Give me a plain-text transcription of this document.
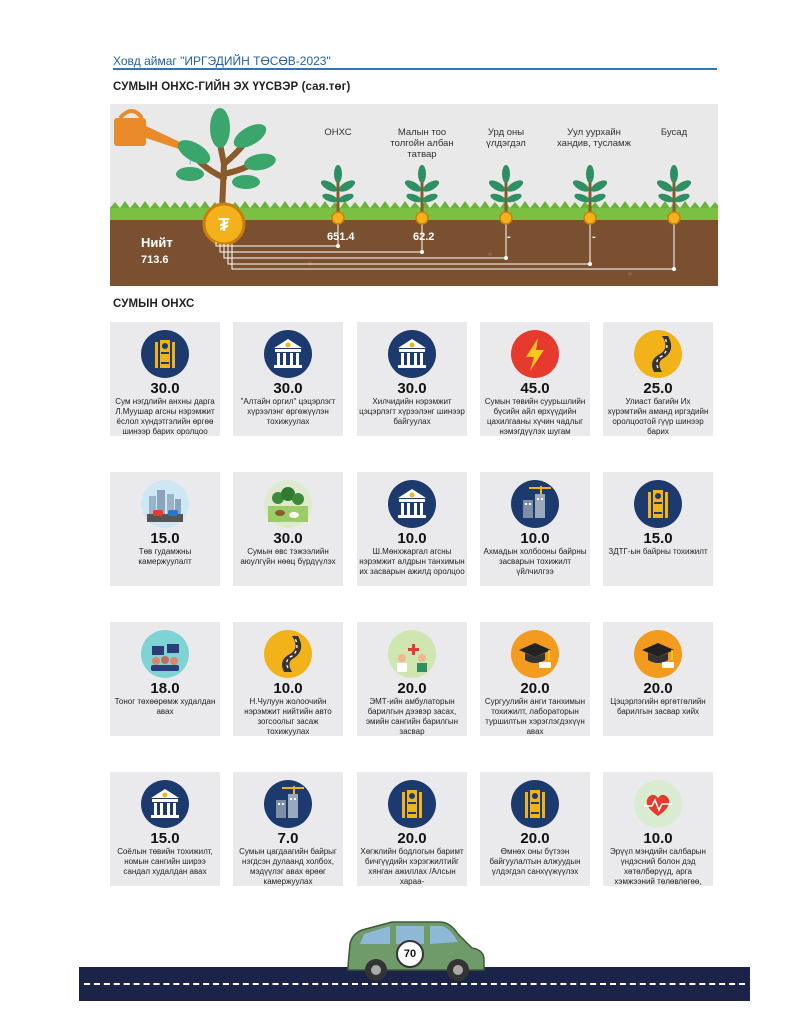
Ховд аймаг "ИРГЭДИЙН ТӨСӨВ-2023"
СУМЫН ОНХС-ГИЙН ЭХ ҮҮСВЭР (сая.төг)
₮
ОНХС	Малын тоо толгойн албан татвар
Урд оны үлдэгдэл
Уул уурхайн хандив, тусламж
Бусад
651.4	62.2	-	-
Нийт
713.6
СУМЫН ОНХС
30.0
Сум нэгдлийн анхны дарга Л.Муушар агсны нэрэмжит ёслол хүндэтгэлийн өргөө шинээр барих оролцоо
30.0
"Алтайн оргил" цэцэрлэгт хүрээлэнг өргөжүүлэн тохижуулах
30.0
Хилчидийн нэрэмжит цэцэрлэгт хүрээлэнг шинээр байгуулах
45.0
Сумын төвийн суурьшлийн бүсийн айл өрхүүдийн цахилгааны хүчин чадлыг нэмэгдүүлэх шугам
25.0
Улиаст багийн Их хүрэмтийн аманд иргэдийн оролцоотой гүүр шинээр барих
15.0
Төв гудамжны камержуулалт
30.0
Сумын өвс тэжээлийн аюулгүйн нөөц бүрдүүлэх
10.0
Ш.Мөнхжаргал агсны нэрэмжит алдрын танхимын их засварын ажилд оролцоо
10.0
Ахмадын холбооны байрны засварын тохижилт үйлчилгээ
15.0
ЗДТГ-ын байрны тохижилт
18.0
Тоног төхөөрөмж худалдан авах
10.0
Н.Чулуун жолоочийн нэрэмжит нийтийн авто зогсоолыг засаж тохижуулах
20.0
ЭМТ-ийн амбулаторын барилгын дээвэр засах, эмийн сангийн барилгын засвар
20.0
Сургуулийн анги танхимын тохижилт, лабораторын туршилтын хэрэглэгдэхүүн авах
20.0
Цэцэрлэгийн өргөтгөлийн барилгын засвар хийх
15.0
Соёлын төвийн тохижилт, номын сангийн ширээ сандал худалдан авах
7.0
Сумын цагдаагийн байрыг нэгдсэн дулаанд холбох, мэдүүлэг авах өрөөг камержуулах
20.0
Хөгжлийн бодлогын баримт бичгүүдийн хэрэгжилтийг хянган ажиллах /Алсын хараа-
20.0
Өмнөх оны бүтээн байгуулалтын алжуудын үлдэгдэл санхүүжүүлэх
10.0
Эрүүл мэндийн салбарын үндэсний болон дэд хөтөлбөрүүд, арга хэмжээний төлөвлөгөө,
70
